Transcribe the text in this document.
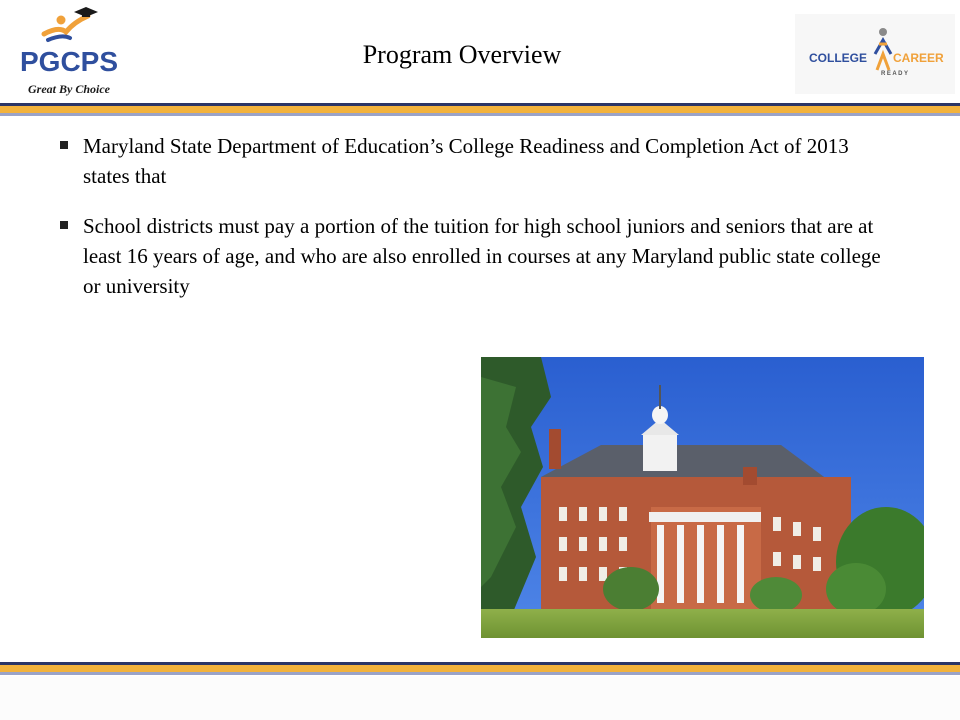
PGCPS
Great By Choice
Program Overview	COLLEGE CAREER
READY
Maryland State Department of Education’s College Readiness and Completion Act of 2013 states that
School districts must pay a portion of the tuition for high school juniors and seniors that are at least 16 years of age, and who are also enrolled in courses at any Maryland public state college or university
